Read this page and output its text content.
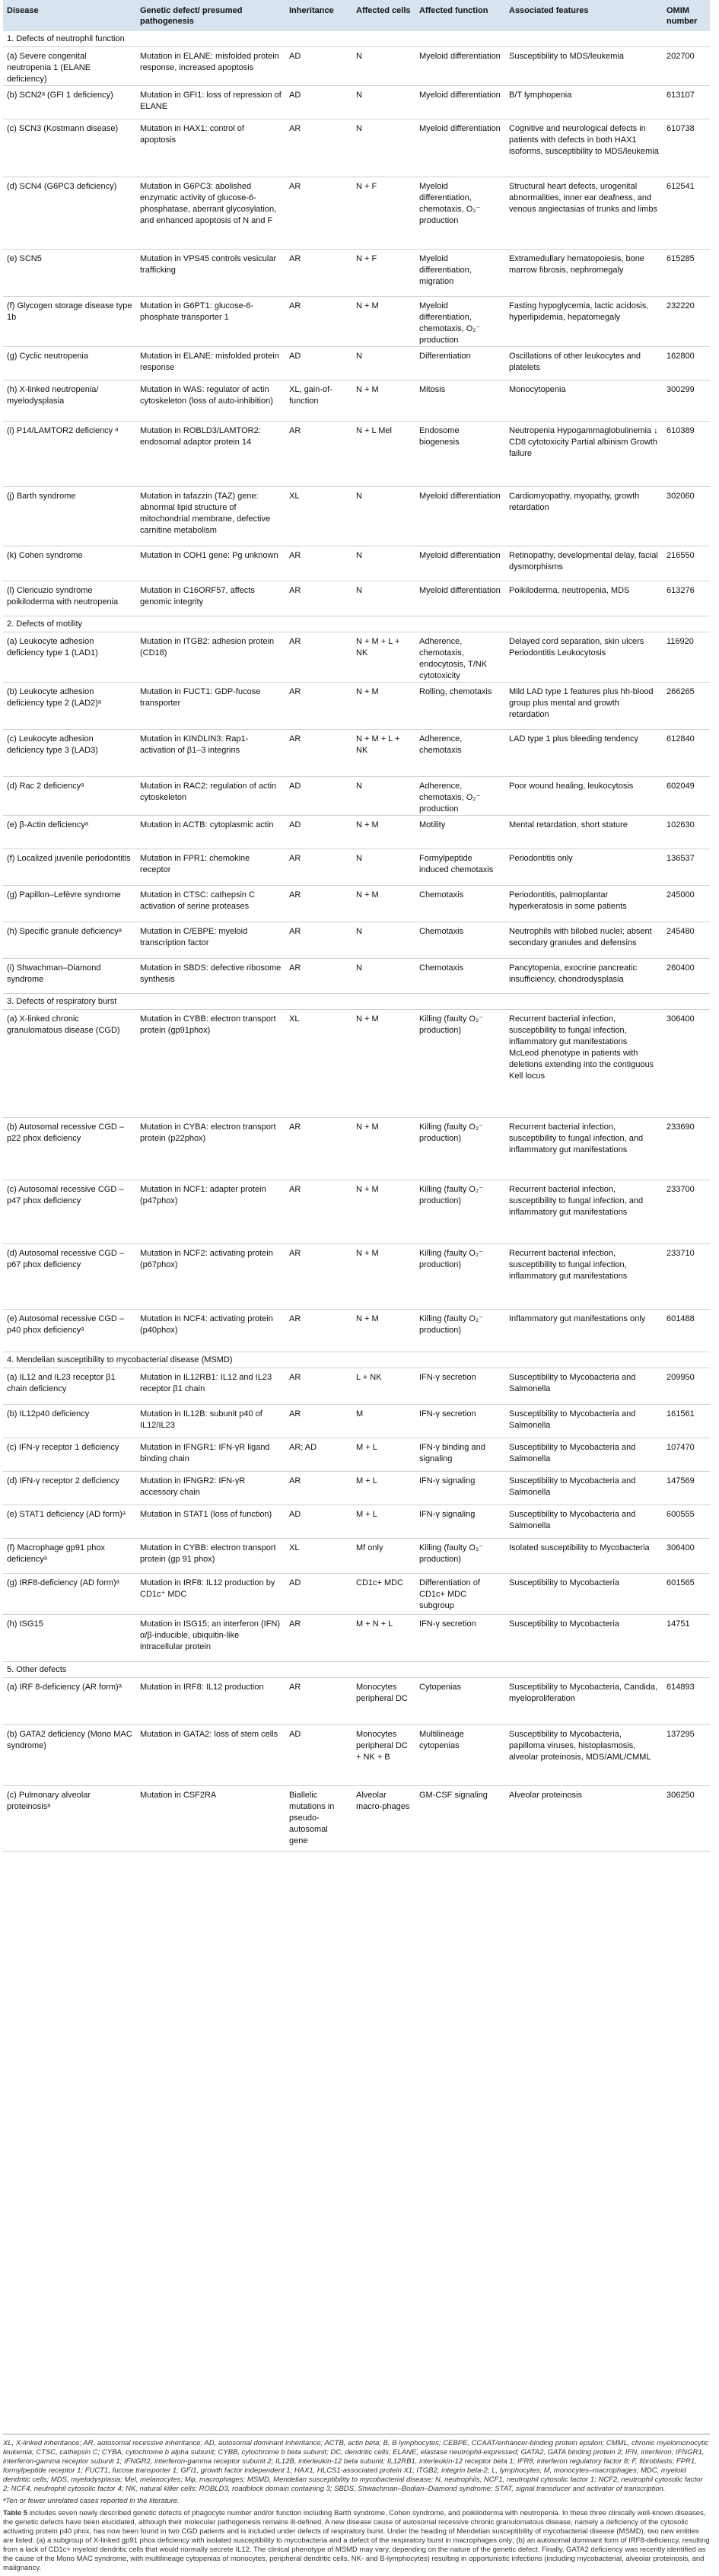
Disease	Genetic defect/ presumed pathogenesis	Inheritance	Affected cells	Affected function	Associated features	OMIM number
1. Defects of neutrophil function						
(a) Severe congenital neutropenia 1 (ELANE deficiency)	Mutation in ELANE: misfolded protein response, increased apoptosis	AD	N	Myeloid differentiation	Susceptibility to MDS/leukemia	202700
(b) SCN2ᵃ (GFI 1 deficiency)	Mutation in GFI1: loss of repression of ELANE	AD	N	Myeloid differentiation	B/T lymphopenia	613107
(c) SCN3 (Kostmann disease)	Mutation in HAX1: control of apoptosis	AR	N	Myeloid differentiation	Cognitive and neurological defects in patients with defects in both HAX1 isoforms, susceptibility to MDS/leukemia	610738
(d) SCN4 (G6PC3 deficiency)	Mutation in G6PC3: abolished enzymatic activity of glucose-6-phosphatase, aberrant glycosylation, and enhanced apoptosis of N and F	AR	N + F	Myeloid differentiation, chemotaxis, O₂⁻ production	Structural heart defects, urogenital abnormalities, inner ear deafness, and venous angiectasias of trunks and limbs	612541
(e) SCN5	Mutation in VPS45 controls vesicular trafficking	AR	N + F	Myeloid differentiation, migration	Extramedullary hematopoiesis, bone marrow fibrosis, nephromegaly	615285
(f) Glycogen storage disease type 1b	Mutation in G6PT1: glucose-6-phosphate transporter 1	AR	N + M	Myeloid differentiation, chemotaxis, O₂⁻ production	Fasting hypoglycemia, lactic acidosis, hyperlipidemia, hepatomegaly	232220
(g) Cyclic neutropenia	Mutation in ELANE: misfolded protein response	AD	N	Differentiation	Oscillations of other leukocytes and platelets	162800
(h) X-linked neutropenia/ myelodysplasia	Mutation in WAS: regulator of actin cytoskeleton (loss of auto-inhibition)	XL, gain-of-function	N + M	Mitosis	Monocytopenia	300299
(i) P14/LAMTOR2 deficiency ᵃ	Mutation in ROBLD3/LAMTOR2: endosomal adaptor protein 14	AR	N + L Mel	Endosome biogenesis	Neutropenia Hypogammaglobulinemia ↓ CD8 cytotoxicity Partial albinism Growth failure	610389
(j) Barth syndrome	Mutation in tafazzin (TAZ) gene: abnormal lipid structure of mitochondrial membrane, defective carnitine metabolism	XL	N	Myeloid differentiation	Cardiomyopathy, myopathy, growth retardation	302060
(k) Cohen syndrome	Mutation in COH1 gene: Pg unknown	AR	N	Myeloid differentiation	Retinopathy, developmental delay, facial dysmorphisms	216550
(l) Clericuzio syndrome poikiloderma with neutropenia	Mutation in C16ORF57, affects genomic integrity	AR	N	Myeloid differentiation	Poikiloderma, neutropenia, MDS	613276
2. Defects of motility						
(a) Leukocyte adhesion deficiency type 1 (LAD1)	Mutation in ITGB2: adhesion protein (CD18)	AR	N + M + L + NK	Adherence, chemotaxis, endocytosis, T/NK cytotoxicity	Delayed cord separation, skin ulcers Periodontitis Leukocytosis	116920
(b) Leukocyte adhesion deficiency type 2 (LAD2)ᵃ	Mutation in FUCT1: GDP-fucose transporter	AR	N + M	Rolling, chemotaxis	Mild LAD type 1 features plus hh-blood group plus mental and growth retardation	266265
(c) Leukocyte adhesion deficiency type 3 (LAD3)	Mutation in KINDLIN3: Rap1-activation of β1–3 integrins	AR	N + M + L + NK	Adherence, chemotaxis	LAD type 1 plus bleeding tendency	612840
(d) Rac 2 deficiencyᵃ	Mutation in RAC2: regulation of actin cytoskeleton	AD	N	Adherence, chemotaxis, O₂⁻ production	Poor wound healing, leukocytosis	602049
(e) β-Actin deficiencyᵃ	Mutation in ACTB: cytoplasmic actin	AD	N + M	Motility	Mental retardation, short stature	102630
(f) Localized juvenile periodontitis	Mutation in FPR1: chemokine receptor	AR	N	Formylpeptide induced chemotaxis	Periodontitis only	136537
(g) Papillon–Lefèvre syndrome	Mutation in CTSC: cathepsin C activation of serine proteases	AR	N + M	Chemotaxis	Periodontitis, palmoplantar hyperkeratosis in some patients	245000
(h) Specific granule deficiencyᵃ	Mutation in C/EBPE: myeloid transcription factor	AR	N	Chemotaxis	Neutrophils with bilobed nuclei; absent secondary granules and defensins	245480
(i) Shwachman–Diamond syndrome	Mutation in SBDS: defective ribosome synthesis	AR	N	Chemotaxis	Pancytopenia, exocrine pancreatic insufficiency, chondrodysplasia	260400
3. Defects of respiratory burst						
(a) X-linked chronic granulomatous disease (CGD)	Mutation in CYBB: electron transport protein (gp91phox)	XL	N + M	Killing (faulty O₂⁻ production)	Recurrent bacterial infection, susceptibility to fungal infection, inflammatory gut manifestations McLeod phenotype in patients with deletions extending into the contiguous Kell locus	306400
(b) Autosomal recessive CGD – p22 phox deficiency	Mutation in CYBA: electron transport protein (p22phox)	AR	N + M	Killing (faulty O₂⁻ production)	Recurrent bacterial infection, susceptibility to fungal infection, and inflammatory gut manifestations	233690
(c) Autosomal recessive CGD – p47 phox deficiency	Mutation in NCF1: adapter protein (p47phox)	AR	N + M	Killing (faulty O₂⁻ production)	Recurrent bacterial infection, susceptibility to fungal infection, and inflammatory gut manifestations	233700
(d) Autosomal recessive CGD – p67 phox deficiency	Mutation in NCF2: activating protein (p67phox)	AR	N + M	Killing (faulty O₂⁻ production)	Recurrent bacterial infection, susceptibility to fungal infection, inflammatory gut manifestations	233710
(e) Autosomal recessive CGD – p40 phox deficiencyᵃ	Mutation in NCF4: activating protein (p40phox)	AR	N + M	Killing (faulty O₂⁻ production)	Inflammatory gut manifestations only	601488
4. Mendelian susceptibility to mycobacterial disease (MSMD)						
(a) IL12 and IL23 receptor β1 chain deficiency	Mutation in IL12RB1: IL12 and IL23 receptor β1 chain	AR	L + NK	IFN-γ secretion	Susceptibility to Mycobacteria and Salmonella	209950
(b) IL12p40 deficiency	Mutation in IL12B: subunit p40 of IL12/IL23	AR	M	IFN-γ secretion	Susceptibility to Mycobacteria and Salmonella	161561
(c) IFN-γ receptor 1 deficiency	Mutation in IFNGR1: IFN-γR ligand binding chain	AR; AD	M + L	IFN-γ binding and signaling	Susceptibility to Mycobacteria and Salmonella	107470
(d) IFN-γ receptor 2 deficiency	Mutation in IFNGR2: IFN-γR accessory chain	AR	M + L	IFN-γ signaling	Susceptibility to Mycobacteria and Salmonella	147569
(e) STAT1 deficiency (AD form)ᵃ	Mutation in STAT1 (loss of function)	AD	M + L	IFN-γ signaling	Susceptibility to Mycobacteria and Salmonella	600555
(f) Macrophage gp91 phox deficiencyᵃ	Mutation in CYBB: electron transport protein (gp 91 phox)	XL	Mf only	Killing (faulty O₂⁻ production)	Isolated susceptibility to Mycobacteria	306400
(g) IRF8-deficiency (AD form)ᵃ	Mutation in IRF8: IL12 production by CD1c⁺ MDC	AD	CD1c+ MDC	Differentiation of CD1c+ MDC subgroup	Susceptibility to Mycobacteria	601565
(h) ISG15	Mutation in ISG15; an interferon (IFN) α/β-inducible, ubiquitin-like intracellular protein	AR	M + N + L	IFN-γ secretion	Susceptibility to Mycobacteria	14751
5. Other defects						
(a) IRF 8-deficiency (AR form)ᵃ	Mutation in IRF8: IL12 production	AR	Monocytes peripheral DC	Cytopenias	Susceptibility to Mycobacteria, Candida, myeloproliferation	614893
(b) GATA2 deficiency (Mono MAC syndrome)	Mutation in GATA2: loss of stem cells	AD	Monocytes peripheral DC + NK + B	Multilineage cytopenias	Susceptibility to Mycobacteria, papilloma viruses, histoplasmosis, alveolar proteinosis, MDS/AML/CMML	137295
(c) Pulmonary alveolar proteinosisᵃ	Mutation in CSF2RA	Biallelic mutations in pseudo-autosomal gene	Alveolar macro-phages	GM-CSF signaling	Alveolar proteinosis	306250

XL, X-linked inheritance; AR, autosomal recessive inheritance; AD, autosomal dominant inheritance; ACTB, actin beta; B, B lymphocytes; CEBPE, CCAAT/enhancer-binding protein epsilon; CMML, chronic myelomonocytic leukemia; CTSC, cathepsin C; CYBA, cytochrome b alpha subunit; CYBB, cytochrome b beta subunit; DC, dendritic cells; ELANE, elastase neutrophil-expressed; GATA2, GATA binding protein 2; IFN, interferon; IFNGR1, interferon-gamma receptor subunit 1; IFNGR2, interferon-gamma receptor subunit 2; IL12B, interleukin-12 beta subunit; IL12RB1, interleukin-12 receptor beta 1; IFR8, interferon regulatory factor 8; F, fibroblasts; FPR1, formylpeptide receptor 1; FUCT1, fucose transporter 1; GFI1, growth factor independent 1; HAX1, HLCS1-associated protein X1; ITGB2, integrin beta-2; L, lymphocytes; M, monocytes–macrophages; MDC, myeloid dendritic cells; MDS, myelodysplasia; Mel, melanocytes; Mφ, macrophages; MSMD, Mendelian susceptibility to mycobacterial disease; N, neutrophils; NCF1, neutrophil cytosolic factor 1; NCF2, neutrophil cytosolic factor 2; NCF4, neutrophil cytosolic factor 4; NK, natural killer cells; ROBLD3, roadblock domain containing 3; SBDS, Shwachman–Bodian–Diamond syndrome; STAT, signal transducer and activator of transcription.

ᵃTen or fewer unrelated cases reported in the literature.

Table 5 includes seven newly described genetic defects of phagocyte number and/or function including Barth syndrome, Cohen syndrome, and poikiloderma with neutropenia. In these three clinically well-known diseases, the genetic defects have been elucidated, although their molecular pathogenesis remains ill-defined. A new disease cause of autosomal recessive chronic granulomatous disease, namely a deficiency of the cytosolic activating protein p40 phox, has now been found in two CGD patients and is included under defects of respiratory burst. Under the heading of Mendelian susceptibility of mycobacterial disease (MSMD), two new entities are listed: (a) a subgroup of X-linked gp91 phox deficiency with isolated susceptibility to mycobacteria and a defect of the respiratory burst in macrophages only; (b) an autosomal dominant form of IRF8-deficiency, resulting from a lack of CD1c+ myeloid dendritic cells that would normally secrete IL12. The clinical phenotype of MSMD may vary, depending on the nature of the genetic defect. Finally, GATA2 deficiency was recently identified as the cause of the Mono MAC syndrome, with multilineage cytopenias of monocytes, peripheral dendritic cells, NK- and B-lymphocytes) resulting in opportunistic infections (including mycobacterial, alveolar proteinosis, and malignancy.
